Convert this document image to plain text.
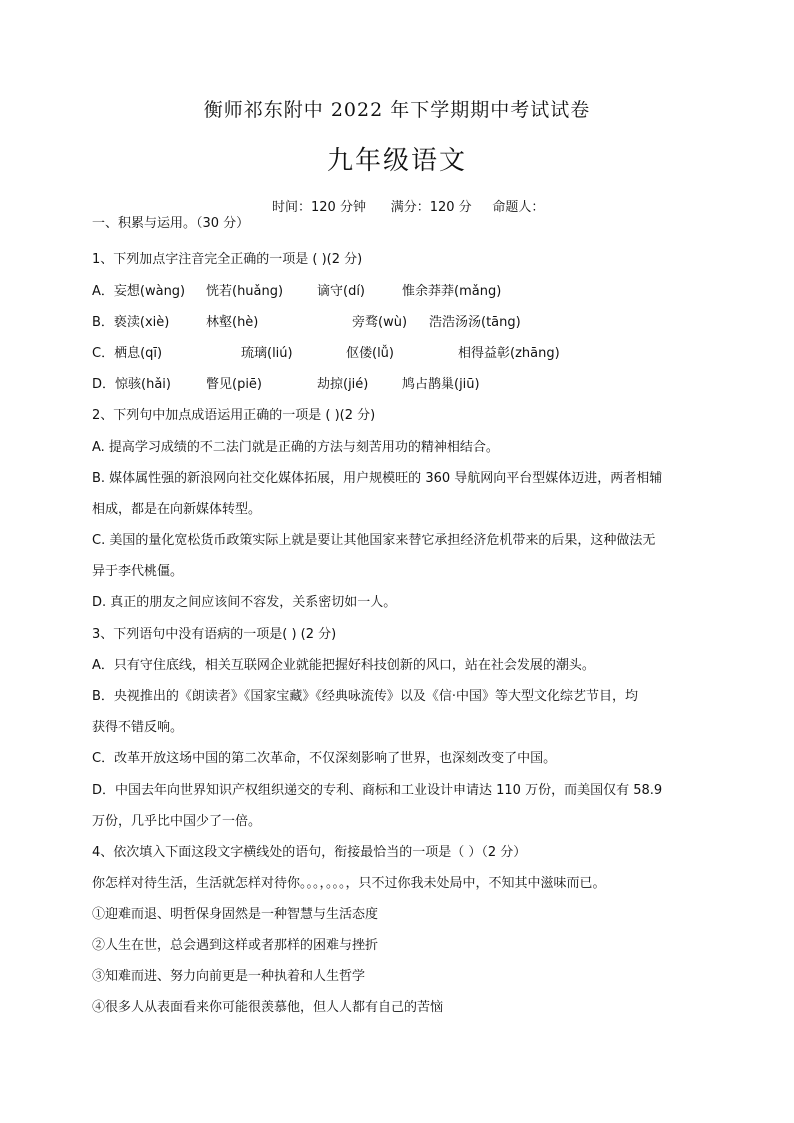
衡师祁东附中 2022 年下学期期中考试试卷
九年级语文
时间：120 分钟      满分：120 分     命题人：
一、积累与运用。（30 分）
1、下列加点字注音完全正确的一项是 ( )(2 分)
A．妄想(wàng) 恍若(huǎng)	谪守(dí)	惟余莽莽(mǎng)
B．亵渎(xiè)	林壑(hè)	旁骛(wù) 浩浩汤汤(tāng)
C．栖息(qī)	琉璃(liú)	伛偻(lǚ)	相得益彰(zhāng)
D．惊骇(hǎi)	瞥见(piē)	劫掠(jié)	鸠占鹊巢(jiū)
2、下列句中加点成语运用正确的一项是 ( )(2 分)
A. 提高学习成绩的不二法门就是正确的方法与刻苦用功的精神相结合。
B. 媒体属性强的新浪网向社交化媒体拓展，用户规模旺的 360 导航网向平台型媒体迈进，两者相辅
相成，都是在向新媒体转型。
C. 美国的量化宽松货币政策实际上就是要让其他国家来替它承担经济危机带来的后果，这种做法无
异于李代桃僵。
D. 真正的朋友之间应该间不容发，关系密切如一人。
3、下列语句中没有语病的一项是( ) (2 分)
A．只有守住底线，相关互联网企业就能把握好科技创新的风口，站在社会发展的潮头。
B．央视推出的《朗读者》《国家宝藏》《经典咏流传》以及《信·中国》等大型文化综艺节目，均
获得不错反响。
C．改革开放这场中国的第二次革命，不仅深刻影响了世界，也深刻改变了中国。
D．中国去年向世界知识产权组织递交的专利、商标和工业设计申请达 110 万份，而美国仅有 58.9
万份，几乎比中国少了一倍。
4、依次填入下面这段文字横线处的语句，衔接最恰当的一项是（ ）（2 分）
你怎样对待生活，生活就怎样对待你。。。，。。。，只不过你我未处局中，不知其中滋味而已。
①迎难而退、明哲保身固然是一种智慧与生活态度
②人生在世，总会遇到这样或者那样的困难与挫折
③知难而进、努力向前更是一种执着和人生哲学
④很多人从表面看来你可能很羡慕他，但人人都有自己的苦恼
